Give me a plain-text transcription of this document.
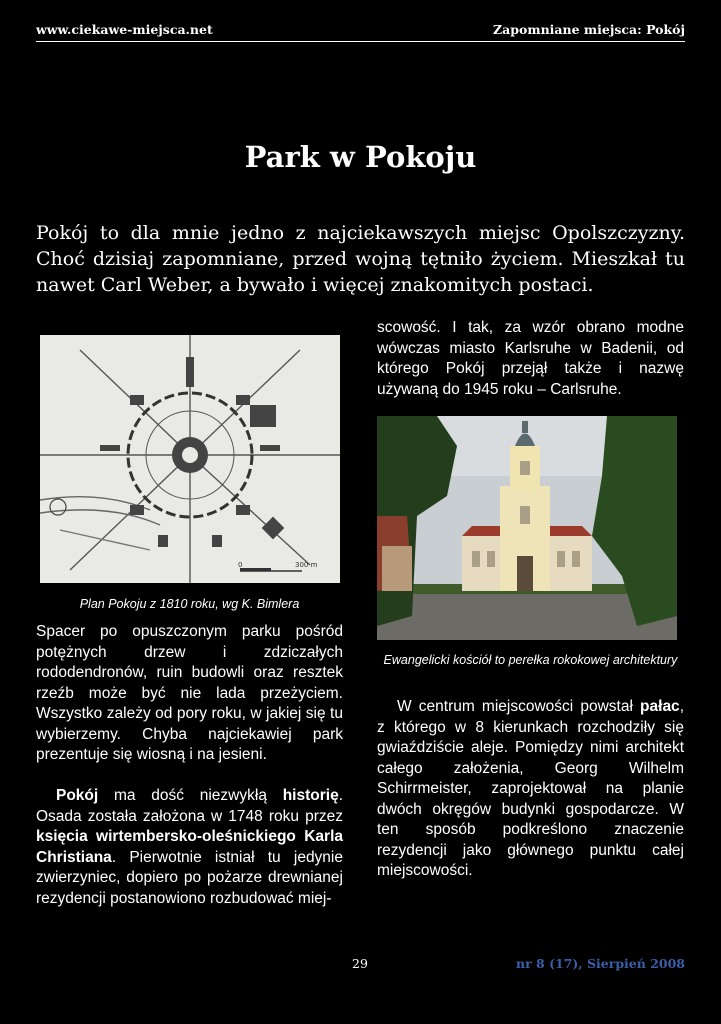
www.ciekawe-miejsca.net	Zapomniane miejsca: Pokój
Park w Pokoju
Pokój to dla mnie jedno z najciekawszych miejsc Opolszczyzny. Choć dzisiaj zapomniane, przed wojną tętniło życiem. Mieszkał tu nawet Carl Weber, a bywało i więcej znakomitych postaci.
0	300 m
Plan Pokoju z 1810 roku, wg K. Bimlera
Ewangelicki kościół to perełka rokokowej architektury

Spacer po opuszczonym parku pośród potężnych drzew i zdziczałych rododendronów, ruin budowli oraz resztek rzeźb może być nie lada przeżyciem. Wszystko zależy od pory roku, w jakiej się tu wybierzemy. Chyba najciekawiej park prezentuje się wiosną i na jesieni.

Pokój ma dość niezwykłą historię. Osada została założona w 1748 roku przez księcia wirtembersko-oleśnickiego Karla Christiana. Pierwotnie istniał tu jedynie zwierzyniec, dopiero po pożarze drewnianej rezydencji postanowiono rozbudować miej-

scowość. I tak, za wzór obrano modne wówczas miasto Karlsruhe w Badenii, od którego Pokój przejął także i nazwę używaną do 1945 roku – Carlsruhe.

W centrum miejscowości powstał pałac, z którego w 8 kierunkach rozchodziły się gwiaździście aleje. Pomiędzy nimi architekt całego założenia, Georg Wilhelm Schirrmeister, zaprojektował na planie dwóch okręgów budynki gospodarcze. W ten sposób podkreślono znaczenie rezydencji jako głównego punktu całej miejscowości.

29	nr 8 (17), Sierpień 2008
